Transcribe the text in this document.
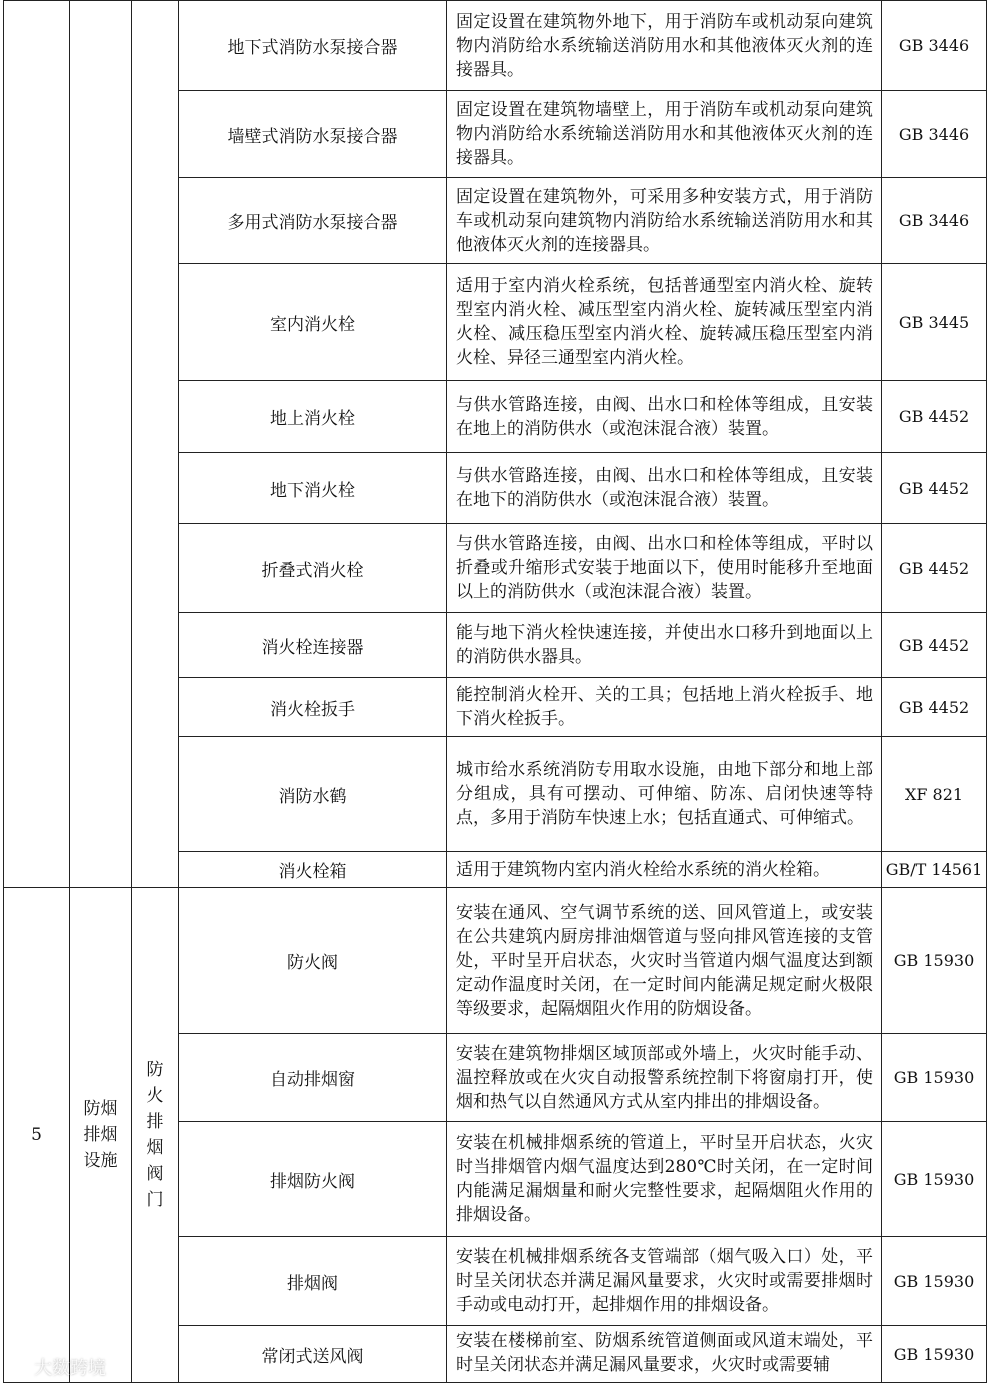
			地下式消防水泵接合器	固定设置在建筑物外地下，用于消防车或机动泵向建筑物内消防给水系统输送消防用水和其他液体灭火剂的连接器具。	GB 3446
			墙壁式消防水泵接合器	固定设置在建筑物墙壁上，用于消防车或机动泵向建筑物内消防给水系统输送消防用水和其他液体灭火剂的连接器具。	GB 3446
			多用式消防水泵接合器	固定设置在建筑物外，可采用多种安装方式，用于消防车或机动泵向建筑物内消防给水系统输送消防用水和其他液体灭火剂的连接器具。	GB 3446
			室内消火栓	适用于室内消火栓系统，包括普通型室内消火栓、旋转型室内消火栓、减压型室内消火栓、旋转减压型室内消火栓、减压稳压型室内消火栓、旋转减压稳压型室内消火栓、异径三通型室内消火栓。	GB 3445
			地上消火栓	与供水管路连接，由阀、出水口和栓体等组成，且安装在地上的消防供水（或泡沫混合液）装置。	GB 4452
			地下消火栓	与供水管路连接，由阀、出水口和栓体等组成，且安装在地下的消防供水（或泡沫混合液）装置。	GB 4452
			折叠式消火栓	与供水管路连接，由阀、出水口和栓体等组成，平时以折叠或升缩形式安装于地面以下，使用时能移升至地面以上的消防供水（或泡沫混合液）装置。	GB 4452
			消火栓连接器	能与地下消火栓快速连接，并使出水口移升到地面以上的消防供水器具。	GB 4452
			消火栓扳手	能控制消火栓开、关的工具；包括地上消火栓扳手、地下消火栓扳手。	GB 4452
			消防水鹤	城市给水系统消防专用取水设施，由地下部分和地上部分组成，具有可摆动、可伸缩、防冻、启闭快速等特点，多用于消防车快速上水；包括直通式、可伸缩式。	XF 821
			消火栓箱	适用于建筑物内室内消火栓给水系统的消火栓箱。	GB/T 14561
5	防烟排烟设施	防火排烟阀门	防火阀	安装在通风、空气调节系统的送、回风管道上，或安装在公共建筑内厨房排油烟管道与竖向排风管连接的支管处，平时呈开启状态，火灾时当管道内烟气温度达到额定动作温度时关闭，在一定时间内能满足规定耐火极限等级要求，起隔烟阻火作用的防烟设备。	GB 15930
			自动排烟窗	安装在建筑物排烟区域顶部或外墙上，火灾时能手动、温控释放或在火灾自动报警系统控制下将窗扇打开，使烟和热气以自然通风方式从室内排出的排烟设备。	GB 15930
			排烟防火阀	安装在机械排烟系统的管道上，平时呈开启状态，火灾时当排烟管内烟气温度达到280℃时关闭，在一定时间内能满足漏烟量和耐火完整性要求，起隔烟阻火作用的排烟设备。	GB 15930
			排烟阀	安装在机械排烟系统各支管端部（烟气吸入口）处，平时呈关闭状态并满足漏风量要求，火灾时或需要排烟时手动或电动打开，起排烟作用的排烟设备。	GB 15930
			常闭式送风阀	安装在楼梯前室、防烟系统管道侧面或风道末端处，平时呈关闭状态并满足漏风量要求，火灾时或需要辅	GB 15930
大数跨境
